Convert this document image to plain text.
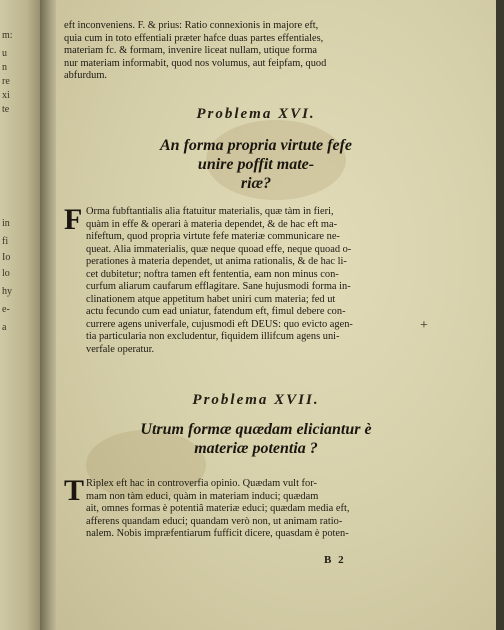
m:
u
n
re
xi
te
in
fi
Io
lo
hy
e-
a
eft inconveniens. F. & prius: Ratio connexionis in majore eft,
quia cum in toto effentiali præter hafce duas partes effentiales,
materiam fc. & formam, invenire liceat nullam, utique forma
nur materiam informabit, quod nos volumus, aut feipfam, quod
abfurdum.
Problema XVI.
An forma propria virtute fefe
unire poffit mate-
riæ?
F Orma fubftantialis alia ftatuitur materialis, quæ tàm in fieri,
quàm in effe & operari à materia dependet, & de hac eft ma-
nifeftum, quod propria virtute fefe materiæ communicare ne-
queat. Alia immaterialis, quæ neque quoad effe, neque quoad o-
perationes à materia dependet, ut anima rationalis, & de hac li-
cet dubitetur; noftra tamen eft fententia, eam non minus con-
curfum aliarum caufarum efflagitare. Sane hujusmodi forma in-
clinationem atque appetitum habet uniri cum materia; fed ut
actu fecundo cum ead uniatur, fatendum eft, fimul debere con-
currere agens univerfale, cujusmodi eft DEUS: quo evicto agen-
tia particularia non excludentur, fiquidem illifcum agens uni-
verfale operatur.
+
Problema XVII.
Utrum formæ quædam eliciantur è
materiæ potentia ?
T Riplex eft hac in controverfia opinio. Quædam vult for-
mam non tàm educi, quàm in materiam induci; quædam
ait, omnes formas è potentiâ materiæ educi; quædam media eft,
afferens quandam educi; quandam verò non, ut animam ratio-
nalem. Nobis impræfentiarum fufficit dicere, quasdam è poten-
B 2
